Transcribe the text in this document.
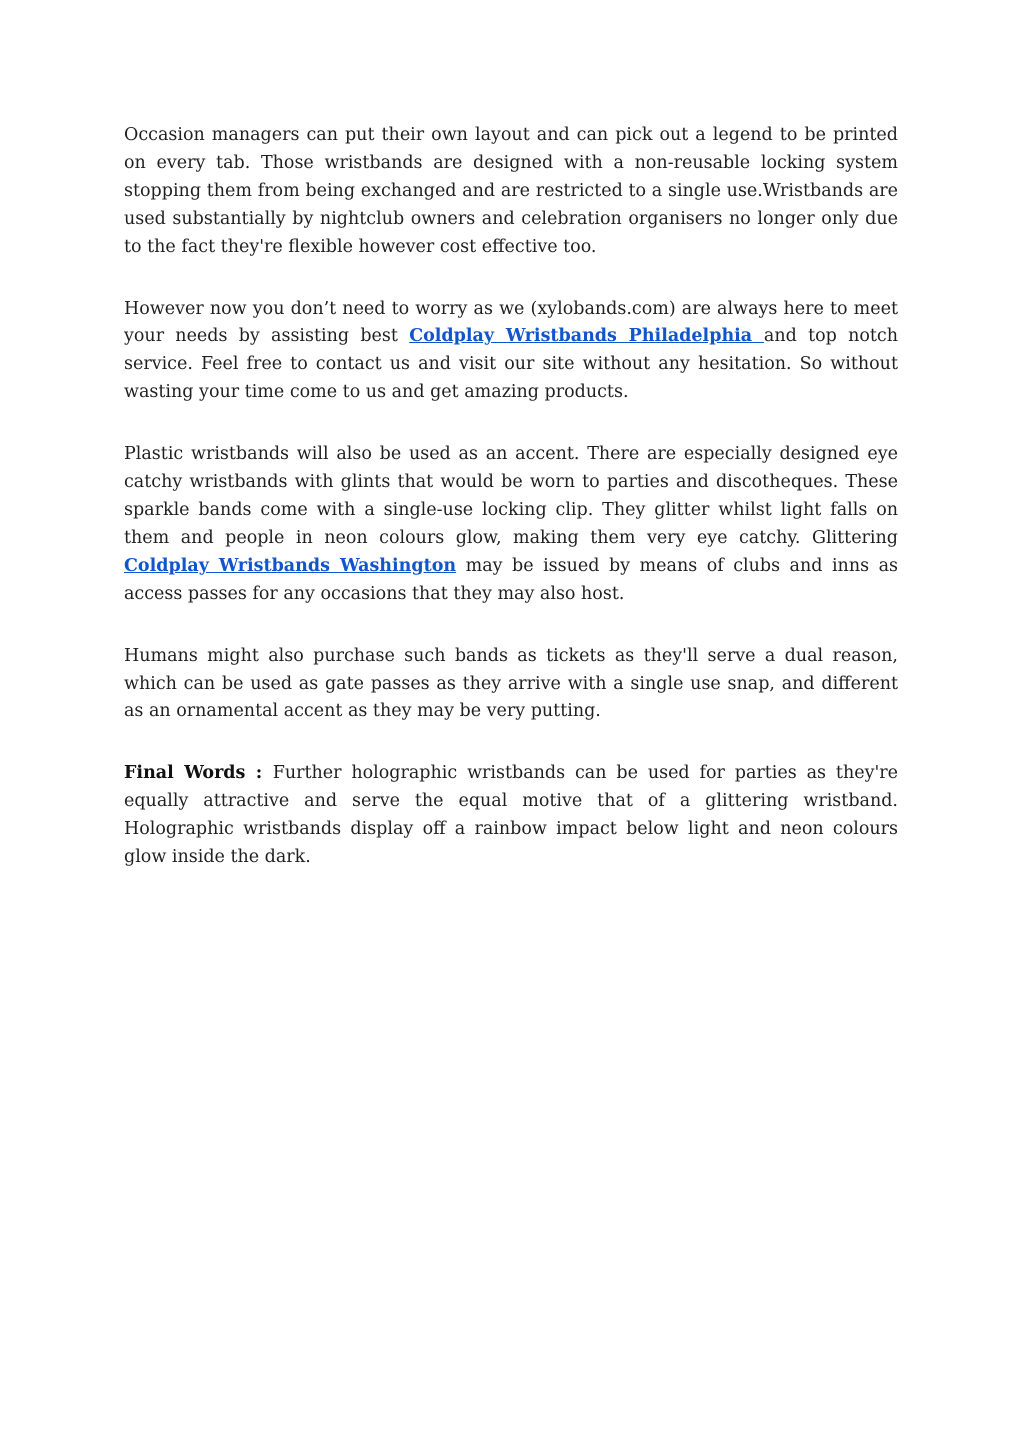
Occasion managers can put their own layout and can pick out a legend to be printed on every tab. Those wristbands are designed with a non-reusable locking system stopping them from being exchanged and are restricted to a single use.Wristbands are used substantially by nightclub owners and celebration organisers no longer only due to the fact they're flexible however cost effective too.

However now you don’t need to worry as we (xylobands.com) are always here to meet your needs by assisting best Coldplay Wristbands Philadelphia and top notch service. Feel free to contact us and visit our site without any hesitation. So without wasting your time come to us and get amazing products.

Plastic wristbands will also be used as an accent. There are especially designed eye catchy wristbands with glints that would be worn to parties and discotheques. These sparkle bands come with a single-use locking clip. They glitter whilst light falls on them and people in neon colours glow, making them very eye catchy. Glittering Coldplay Wristbands Washington may be issued by means of clubs and inns as access passes for any occasions that they may also host.

Humans might also purchase such bands as tickets as they'll serve a dual reason, which can be used as gate passes as they arrive with a single use snap, and different as an ornamental accent as they may be very putting.

Final Words : Further holographic wristbands can be used for parties as they're equally attractive and serve the equal motive that of a glittering wristband. Holographic wristbands display off a rainbow impact below light and neon colours glow inside the dark.
